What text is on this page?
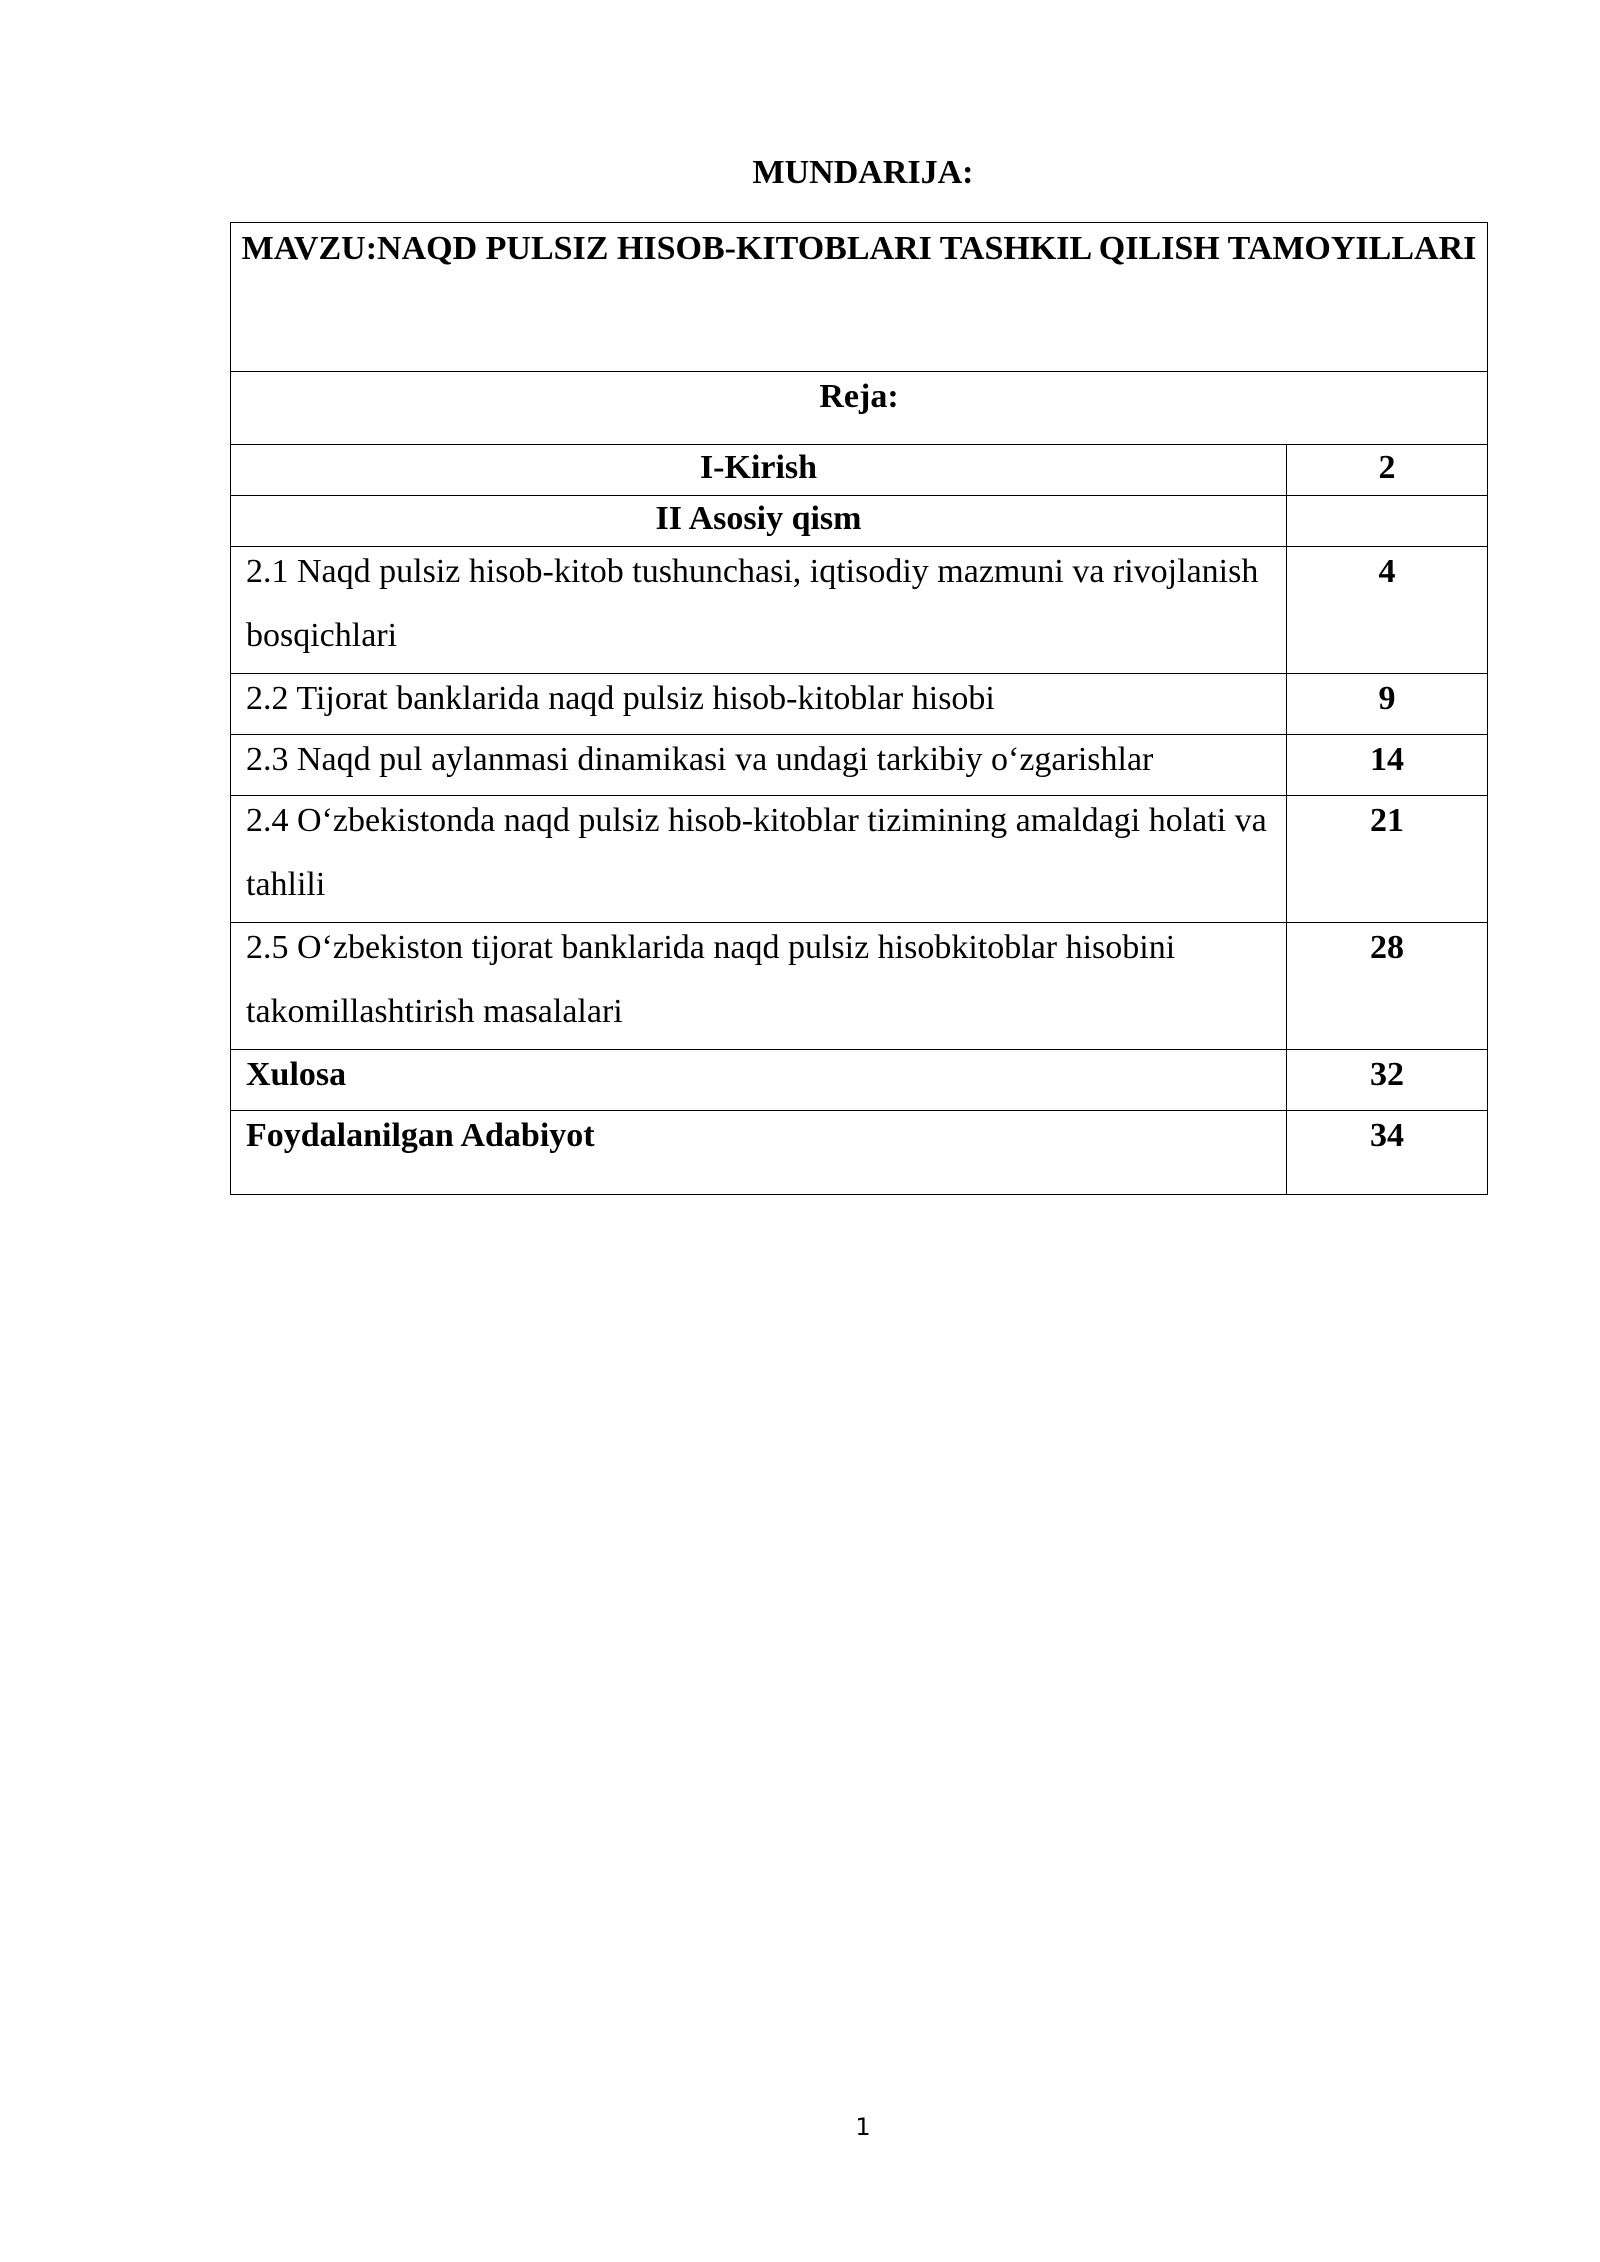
MUNDARIJA:
MAVZU:NAQD PULSIZ HISOB-KITOBLARI TASHKIL QILISH TAMOYILLARI	

Reja:	

I-Kirish	2
II Asosiy qism	

2.1 Naqd pulsiz hisob-kitob tushunchasi, iqtisodiy mazmuni va rivojlanish bosqichlari	4

2.2 Tijorat banklarida naqd pulsiz hisob-kitoblar hisobi	9

2.3 Naqd pul aylanmasi dinamikasi va undagi tarkibiy o‘zgarishlar	14

2.4 O‘zbekistonda naqd pulsiz hisob-kitoblar tizimining amaldagi holati va tahlili	21

2.5 O‘zbekiston tijorat banklarida naqd pulsiz hisobkitoblar hisobini takomillashtirish masalalari	28

Xulosa	32

Foydalanilgan Adabiyot	34
1
